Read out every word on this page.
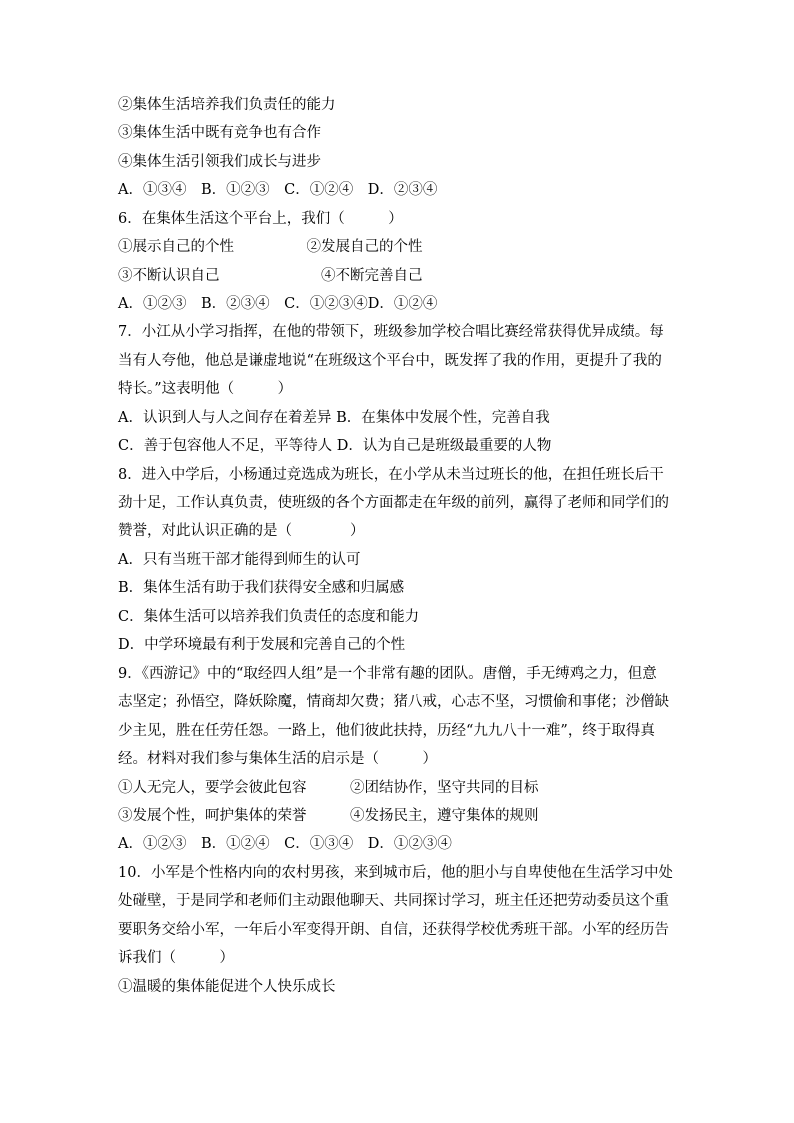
②集体生活培养我们负责任的能力
③集体生活中既有竞争也有合作
④集体生活引领我们成长与进步
A．①③④　B．①②③　C．①②④　D．②③④
6．在集体生活这个平台上，我们（　　　）
①展示自己的个性　　　　　②发展自己的个性
③不断认识自己　　　　　　　④不断完善自己
A．①②③　B．②③④　C．①②③④D．①②④
7．小江从小学习指挥，在他的带领下，班级参加学校合唱比赛经常获得优异成绩。每
当有人夸他，他总是谦虚地说“在班级这个平台中，既发挥了我的作用，更提升了我的
特长。”这表明他（　　　）
A．认识到人与人之间存在着差异 B．在集体中发展个性，完善自我
C．善于包容他人不足，平等待人 D．认为自己是班级最重要的人物
8．进入中学后，小杨通过竞选成为班长，在小学从未当过班长的他，在担任班长后干
劲十足，工作认真负责，使班级的各个方面都走在年级的前列，赢得了老师和同学们的
赞誉，对此认识正确的是（　　　　）
A．只有当班干部才能得到师生的认可
B．集体生活有助于我们获得安全感和归属感
C．集体生活可以培养我们负责任的态度和能力
D．中学环境最有利于发展和完善自己的个性
9．《西游记》中的“取经四人组”是一个非常有趣的团队。唐僧，手无缚鸡之力，但意
志坚定；孙悟空，降妖除魔，情商却欠费；猪八戒，心志不坚，习惯偷和事佬；沙僧缺
少主见，胜在任劳任怨。一路上，他们彼此扶持，历经“九九八十一难”，终于取得真
经。材料对我们参与集体生活的启示是（　　　）
①人无完人，要学会彼此包容　　　②团结协作，坚守共同的目标
③发展个性，呵护集体的荣誉　　　④发扬民主，遵守集体的规则
A．①②③　B．①②④　C．①③④　D．①②③④
10．小军是个性格内向的农村男孩，来到城市后，他的胆小与自卑使他在生活学习中处
处碰壁，于是同学和老师们主动跟他聊天、共同探讨学习，班主任还把劳动委员这个重
要职务交给小军，一年后小军变得开朗、自信，还获得学校优秀班干部。小军的经历告
诉我们（　　　）
①温暖的集体能促进个人快乐成长
